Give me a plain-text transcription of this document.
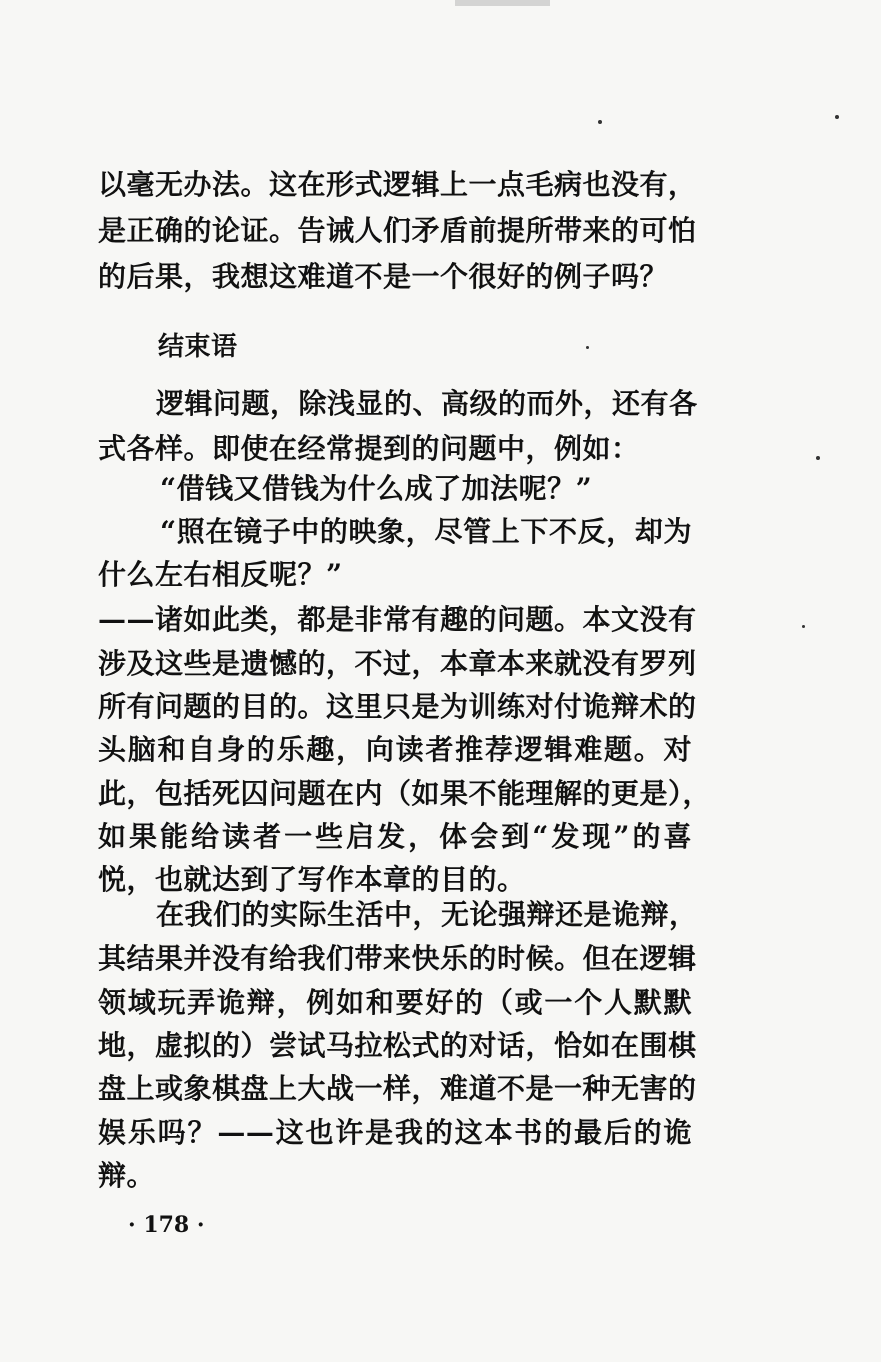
以毫无办法。这在形式逻辑上一点毛病也没有，
是正确的论证。告诫人们矛盾前提所带来的可怕
的后果，我想这难道不是一个很好的例子吗？
结束语
逻辑问题，除浅显的、高级的而外，还有各
式各样。即使在经常提到的问题中，例如：
“借钱又借钱为什么成了加法呢？”
“照在镜子中的映象，尽管上下不反，却为
什么左右相反呢？”
——诸如此类，都是非常有趣的问题。本文没有
涉及这些是遗憾的，不过，本章本来就没有罗列
所有问题的目的。这里只是为训练对付诡辩术的
头脑和自身的乐趣，向读者推荐逻辑难题。对
此，包括死囚问题在内（如果不能理解的更是），
如果能给读者一些启发，体会到“发现”的喜
悦，也就达到了写作本章的目的。
在我们的实际生活中，无论强辩还是诡辩，
其结果并没有给我们带来快乐的时候。但在逻辑
领域玩弄诡辩，例如和要好的（或一个人默默
地，虚拟的）尝试马拉松式的对话，恰如在围棋
盘上或象棋盘上大战一样，难道不是一种无害的
娱乐吗？——这也许是我的这本书的最后的诡
辩。
· 178 ·
